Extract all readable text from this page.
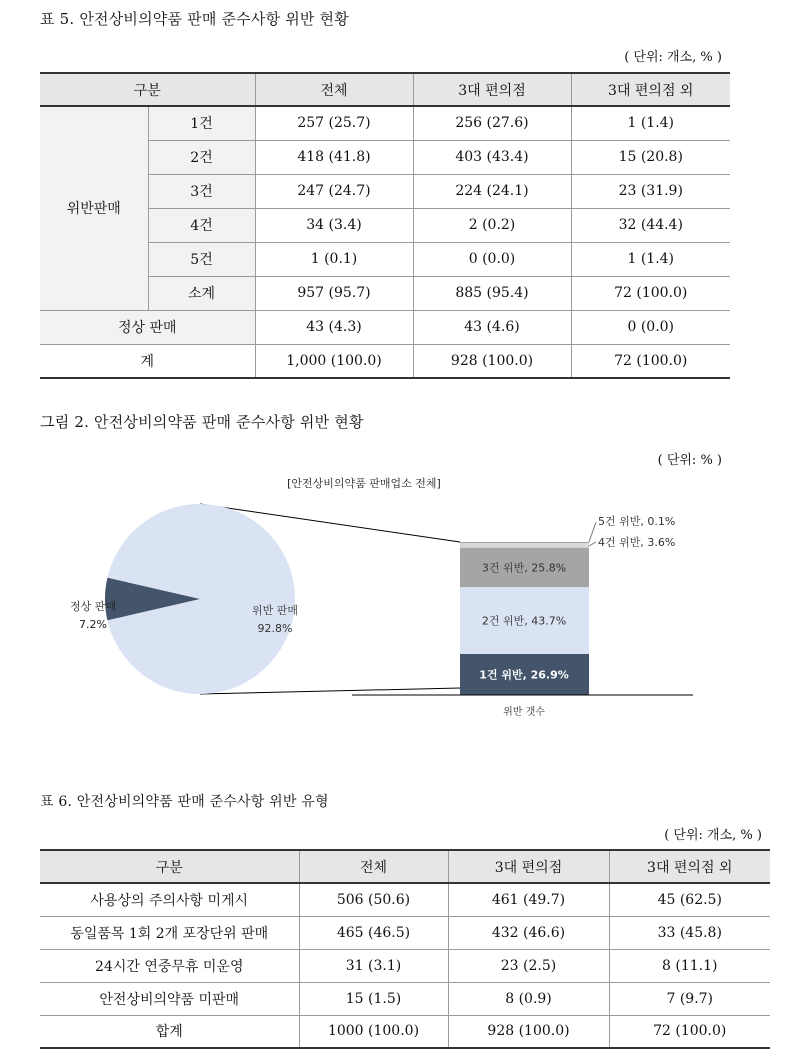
표 5. 안전상비의약품 판매 준수사항 위반 현황
( 단위: 개소, % )
구분		전체	3대 편의점	3대 편의점 외
위반판매	1건	257 (25.7)	256 (27.6)	1 (1.4)
	2건	418 (41.8)	403 (43.4)	15 (20.8)
	3건	247 (24.7)	224 (24.1)	23 (31.9)
	4건	34 (3.4)	2 (0.2)	32 (44.4)
	5건	1 (0.1)	0 (0.0)	1 (1.4)
	소계	957 (95.7)	885 (95.4)	72 (100.0)
정상 판매		43 (4.3)	43 (4.6)	0 (0.0)
계		1,000 (100.0)	928 (100.0)	72 (100.0)
그림 2. 안전상비의약품 판매 준수사항 위반 현황
( 단위: % )
[안전상비의약품 판매업소 전체]
정상 판매
7.2%
위반 판매
92.8%
1건 위반, 26.9%
2건 위반, 43.7%
3건 위반, 25.8%
5건 위반, 0.1%
4건 위반, 3.6%
위반 갯수
표 6. 안전상비의약품 판매 준수사항 위반 유형
( 단위: 개소, % )
구분	전체	3대 편의점	3대 편의점 외
사용상의 주의사항 미게시	506 (50.6)	461 (49.7)	45 (62.5)
동일품목 1회 2개 포장단위 판매	465 (46.5)	432 (46.6)	33 (45.8)
24시간 연중무휴 미운영	31 (3.1)	23 (2.5)	8 (11.1)
안전상비의약품 미판매	15 (1.5)	8 (0.9)	7 (9.7)
합계	1000 (100.0)	928 (100.0)	72 (100.0)
